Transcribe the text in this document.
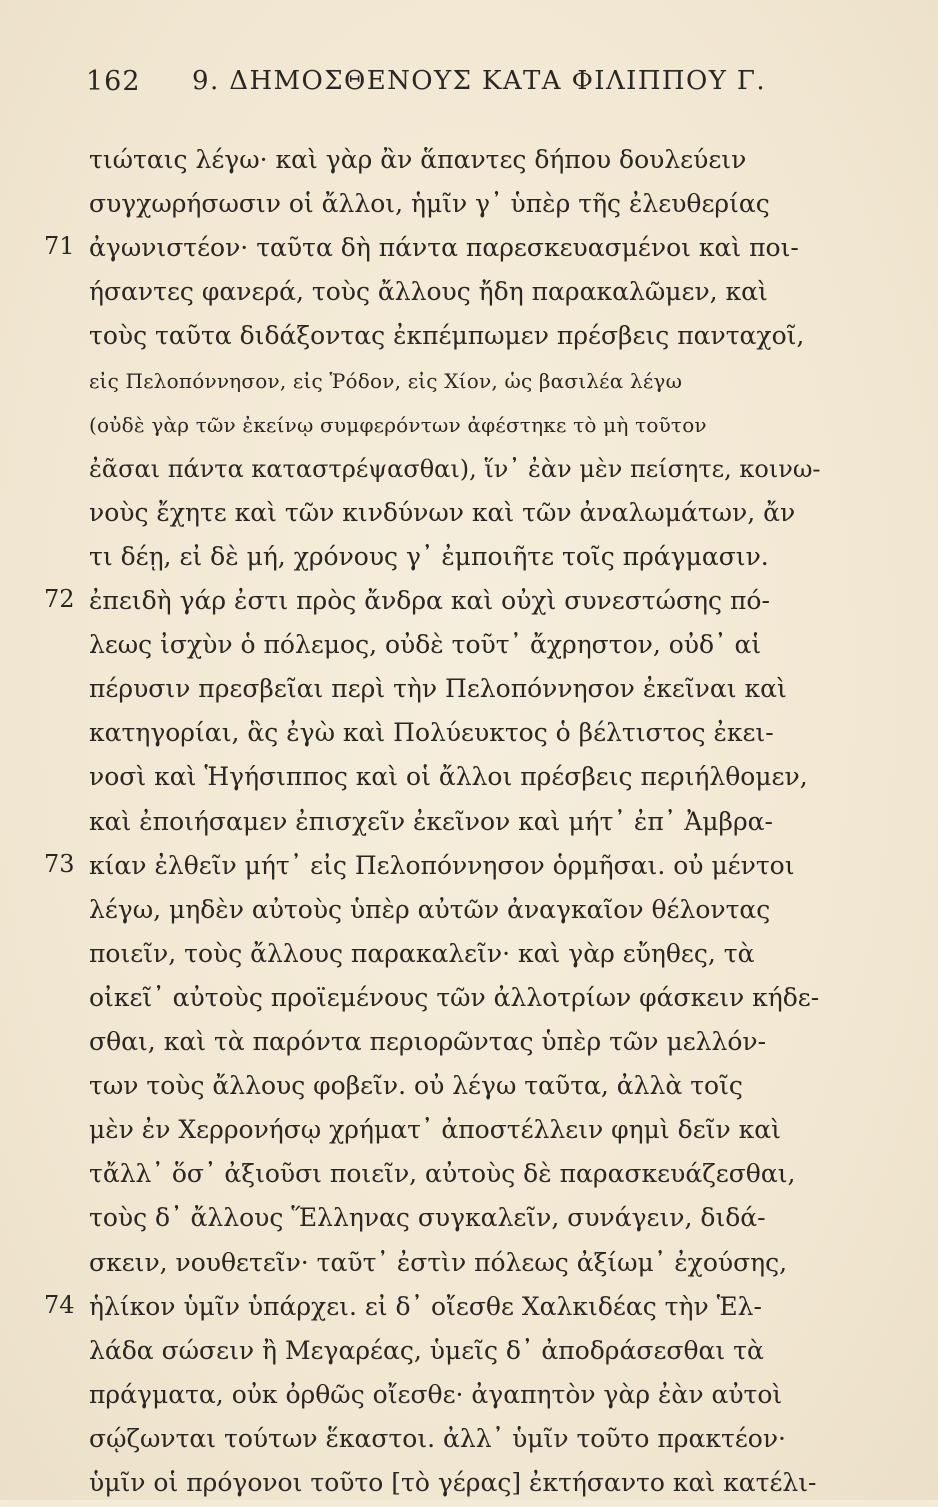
162 9. ΔΗΜΟΣΘΕΝΟΥΣ ΚΑΤΑ ΦΙΛΙΠΠΟΥ Γ.
τιώταις λέγω· καὶ γὰρ ἂν ἅπαντες δήπου δουλεύειν
συγχωρήσωσιν οἱ ἄλλοι, ἡμῖν γ᾽ ὑπὲρ τῆς ἐλευθερίας
71 ἀγωνιστέον· ταῦτα δὴ πάντα παρεσκευασμένοι καὶ ποι-
ήσαντες φανερά, τοὺς ἄλλους ἤδη παρακαλῶμεν, καὶ
τοὺς ταῦτα διδάξοντας ἐκπέμπωμεν πρέσβεις πανταχοῖ,
εἰς Πελοπόννησον, εἰς Ῥόδον, εἰς Χίον, ὡς βασιλέα λέγω
(οὐδὲ γὰρ τῶν ἐκείνῳ συμφερόντων ἀφέστηκε τὸ μὴ τοῦτον
ἐᾶσαι πάντα καταστρέψασθαι), ἵν᾽ ἐὰν μὲν πείσητε, κοινω-
νοὺς ἔχητε καὶ τῶν κινδύνων καὶ τῶν ἀναλωμάτων, ἄν
τι δέῃ, εἰ δὲ μή, χρόνους γ᾽ ἐμποιῆτε τοῖς πράγμασιν.
72 ἐπειδὴ γάρ ἐστι πρὸς ἄνδρα καὶ οὐχὶ συνεστώσης πό-
λεως ἰσχὺν ὁ πόλεμος, οὐδὲ τοῦτ᾽ ἄχρηστον, οὐδ᾽ αἱ
πέρυσιν πρεσβεῖαι περὶ τὴν Πελοπόννησον ἐκεῖναι καὶ
κατηγορίαι, ἃς ἐγὼ καὶ Πολύευκτος ὁ βέλτιστος ἐκει-
νοσὶ καὶ Ἡγήσιππος καὶ οἱ ἄλλοι πρέσβεις περιήλθομεν,
καὶ ἐποιήσαμεν ἐπισχεῖν ἐκεῖνον καὶ μήτ᾽ ἐπ᾽ Ἀμβρα-
73 κίαν ἐλθεῖν μήτ᾽ εἰς Πελοπόννησον ὁρμῆσαι. οὐ μέντοι
λέγω, μηδὲν αὐτοὺς ὑπὲρ αὐτῶν ἀναγκαῖον θέλοντας
ποιεῖν, τοὺς ἄλλους παρακαλεῖν· καὶ γὰρ εὔηθες, τὰ
οἰκεῖ᾽ αὐτοὺς προϊεμένους τῶν ἀλλοτρίων φάσκειν κήδε-
σθαι, καὶ τὰ παρόντα περιορῶντας ὑπὲρ τῶν μελλόν-
των τοὺς ἄλλους φοβεῖν. οὐ λέγω ταῦτα, ἀλλὰ τοῖς
μὲν ἐν Χερρονήσῳ χρήματ᾽ ἀποστέλλειν φημὶ δεῖν καὶ
τἄλλ᾽ ὅσ᾽ ἀξιοῦσι ποιεῖν, αὐτοὺς δὲ παρασκευάζεσθαι,
τοὺς δ᾽ ἄλλους Ἕλληνας συγκαλεῖν, συνάγειν, διδά-
σκειν, νουθετεῖν· ταῦτ᾽ ἐστὶν πόλεως ἀξίωμ᾽ ἐχούσης,
74 ἡλίκον ὑμῖν ὑπάρχει. εἰ δ᾽ οἴεσθε Χαλκιδέας τὴν Ἑλ-
λάδα σώσειν ἢ Μεγαρέας, ὑμεῖς δ᾽ ἀποδράσεσθαι τὰ
πράγματα, οὐκ ὀρθῶς οἴεσθε· ἀγαπητὸν γὰρ ἐὰν αὐτοὶ
σῴζωνται τούτων ἕκαστοι. ἀλλ᾽ ὑμῖν τοῦτο πρακτέον·
ὑμῖν οἱ πρόγονοι τοῦτο [τὸ γέρας] ἐκτήσαντο καὶ κατέλι-
